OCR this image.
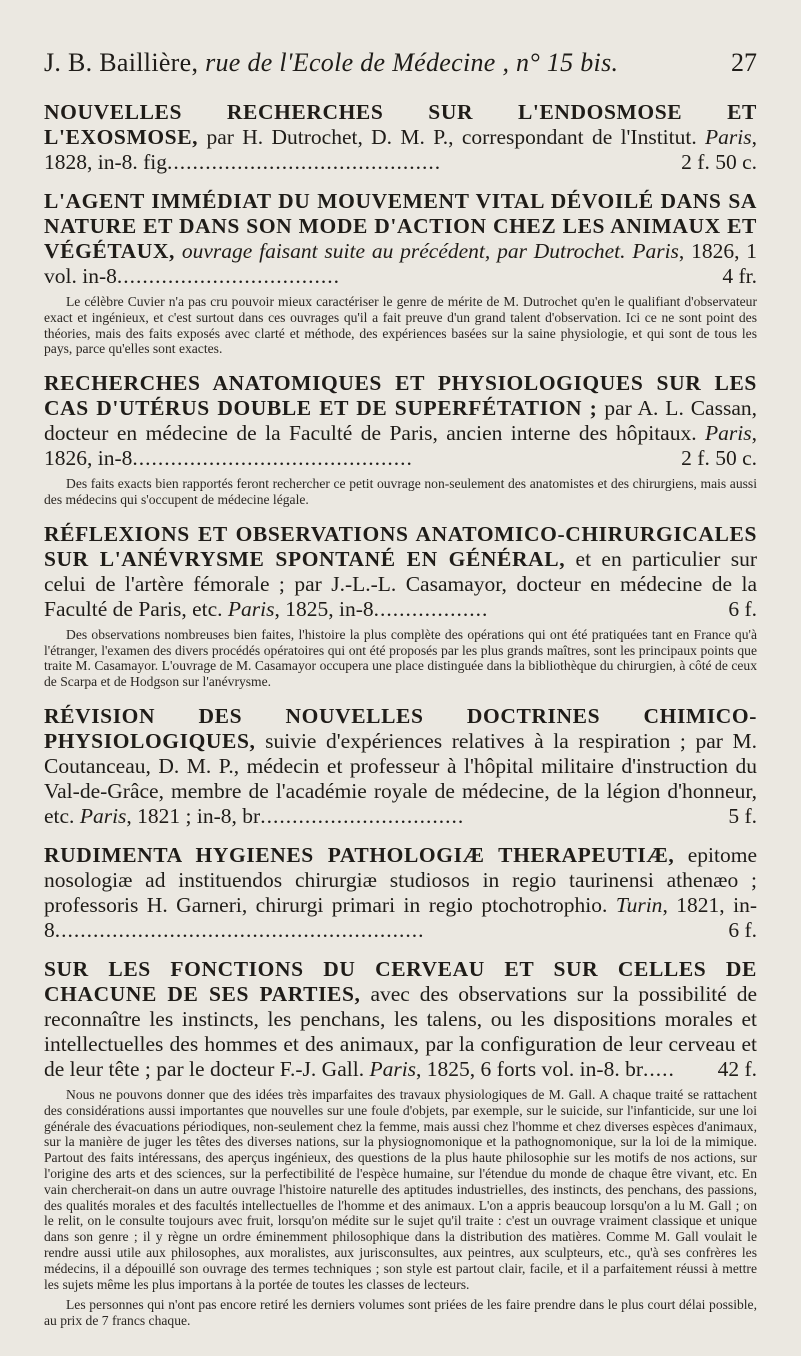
J. B. Baillière, rue de l'Ecole de Médecine , n° 15 bis.	27

NOUVELLES RECHERCHES SUR L'ENDOSMOSE ET L'EXOSMOSE, par H. Dutrochet, D. M. P., correspondant de l'Institut. Paris, 1828, in-8. fig...........................................	2 f. 50 c.

L'AGENT IMMÉDIAT DU MOUVEMENT VITAL DÉVOILÉ DANS SA NATURE ET DANS SON MODE D'ACTION CHEZ LES ANIMAUX ET VÉGÉTAUX, ouvrage faisant suite au précédent, par Dutrochet. Paris, 1826, 1 vol. in-8...................................	4 fr.

Le célèbre Cuvier n'a pas cru pouvoir mieux caractériser le genre de mérite de M. Dutrochet qu'en le qualifiant d'observateur exact et ingénieux, et c'est surtout dans ces ouvrages qu'il a fait preuve d'un grand talent d'observation. Ici ce ne sont point des théories, mais des faits exposés avec clarté et méthode, des expériences basées sur la saine physiologie, et qui sont de tous les pays, parce qu'elles sont exactes.

RECHERCHES ANATOMIQUES ET PHYSIOLOGIQUES SUR LES CAS D'UTÉRUS DOUBLE ET DE SUPERFÉTATION ; par A. L. Cassan, docteur en médecine de la Faculté de Paris, ancien interne des hôpitaux. Paris, 1826, in-8............................................	2 f. 50 c.

Des faits exacts bien rapportés feront rechercher ce petit ouvrage non-seulement des anatomistes et des chirurgiens, mais aussi des médecins qui s'occupent de médecine légale.

RÉFLEXIONS ET OBSERVATIONS ANATOMICO-CHIRURGICALES SUR L'ANÉVRYSME SPONTANÉ EN GÉNÉRAL, et en particulier sur celui de l'artère fémorale ; par J.-L.-L. Casamayor, docteur en médecine de la Faculté de Paris, etc. Paris, 1825, in-8..................	6 f.

Des observations nombreuses bien faites, l'histoire la plus complète des opérations qui ont été pratiquées tant en France qu'à l'étranger, l'examen des divers procédés opératoires qui ont été proposés par les plus grands maîtres, sont les principaux points que traite M. Casamayor. L'ouvrage de M. Casamayor occupera une place distinguée dans la bibliothèque du chirurgien, à côté de ceux de Scarpa et de Hodgson sur l'anévrysme.

RÉVISION DES NOUVELLES DOCTRINES CHIMICO-PHYSIOLOGIQUES, suivie d'expériences relatives à la respiration ; par M. Coutanceau, D. M. P., médecin et professeur à l'hôpital militaire d'instruction du Val-de-Grâce, membre de l'académie royale de médecine, de la légion d'honneur, etc. Paris, 1821 ; in-8, br................................	5 f.

RUDIMENTA HYGIENES PATHOLOGIÆ THERAPEUTIÆ, epitome nosologiæ ad instituendos chirurgiæ studiosos in regio taurinensi athenæo ; professoris H. Garneri, chirurgi primari in regio ptochotrophio. Turin, 1821, in-8..........................................................	6 f.

SUR LES FONCTIONS DU CERVEAU ET SUR CELLES DE CHACUNE DE SES PARTIES, avec des observations sur la possibilité de reconnaître les instincts, les penchans, les talens, ou les dispositions morales et intellectuelles des hommes et des animaux, par la configuration de leur cerveau et de leur tête ; par le docteur F.-J. Gall. Paris, 1825, 6 forts vol. in-8. br..... 42 f.

Nous ne pouvons donner que des idées très imparfaites des travaux physiologiques de M. Gall. A chaque traité se rattachent des considérations aussi importantes que nouvelles sur une foule d'objets, par exemple, sur le suicide, sur l'infanticide, sur une loi générale des évacuations périodiques, non-seulement chez la femme, mais aussi chez l'homme et chez diverses espèces d'animaux, sur la manière de juger les têtes des diverses nations, sur la physiognomonique et la pathognomonique, sur la loi de la mimique. Partout des faits intéressans, des aperçus ingénieux, des questions de la plus haute philosophie sur les motifs de nos actions, sur l'origine des arts et des sciences, sur la perfectibilité de l'espèce humaine, sur l'étendue du monde de chaque être vivant, etc. En vain chercherait-on dans un autre ouvrage l'histoire naturelle des aptitudes industrielles, des instincts, des penchans, des passions, des qualités morales et des facultés intellectuelles de l'homme et des animaux. L'on a appris beaucoup lorsqu'on a lu M. Gall ; on le relit, on le consulte toujours avec fruit, lorsqu'on médite sur le sujet qu'il traite : c'est un ouvrage vraiment classique et unique dans son genre ; il y règne un ordre éminemment philosophique dans la distribution des matières. Comme M. Gall voulait le rendre aussi utile aux philosophes, aux moralistes, aux jurisconsultes, aux peintres, aux sculpteurs, etc., qu'à ses confrères les médecins, il a dépouillé son ouvrage des termes techniques ; son style est partout clair, facile, et il a parfaitement réussi à mettre les sujets même les plus importans à la portée de toutes les classes de lecteurs.

Les personnes qui n'ont pas encore retiré les derniers volumes sont priées de les faire prendre dans le plus court délai possible, au prix de 7 francs chaque.
